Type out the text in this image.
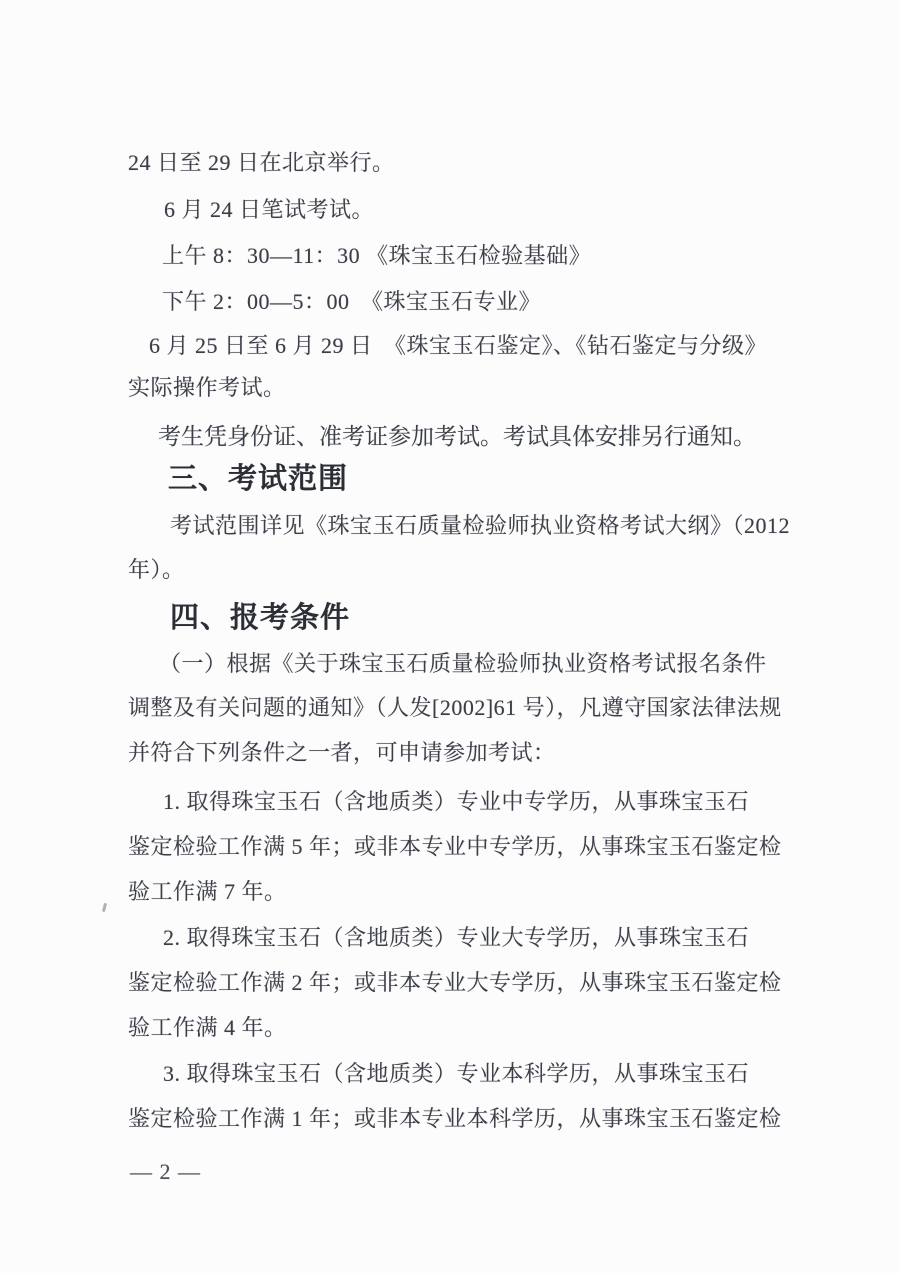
24 日至 29 日在北京举行。

6 月 24 日笔试考试。

上午 8：30—11：30 《珠宝玉石检验基础》

下午 2：00—5：00　《珠宝玉石专业》

6 月 25 日至 6 月 29 日　《珠宝玉石鉴定》、《钻石鉴定与分级》

实际操作考试。

考生凭身份证、准考证参加考试。考试具体安排另行通知。

三、考试范围

考试范围详见《珠宝玉石质量检验师执业资格考试大纲》（2012

年）。

四、报考条件

（一）根据《关于珠宝玉石质量检验师执业资格考试报名条件

调整及有关问题的通知》（人发[2002]61 号），凡遵守国家法律法规

并符合下列条件之一者，可申请参加考试：

1. 取得珠宝玉石（含地质类）专业中专学历，从事珠宝玉石

鉴定检验工作满 5 年；或非本专业中专学历，从事珠宝玉石鉴定检

验工作满 7 年。

2. 取得珠宝玉石（含地质类）专业大专学历，从事珠宝玉石

鉴定检验工作满 2 年；或非本专业大专学历，从事珠宝玉石鉴定检

验工作满 4 年。

3. 取得珠宝玉石（含地质类）专业本科学历，从事珠宝玉石

鉴定检验工作满 1 年；或非本专业本科学历，从事珠宝玉石鉴定检

— 2 —
